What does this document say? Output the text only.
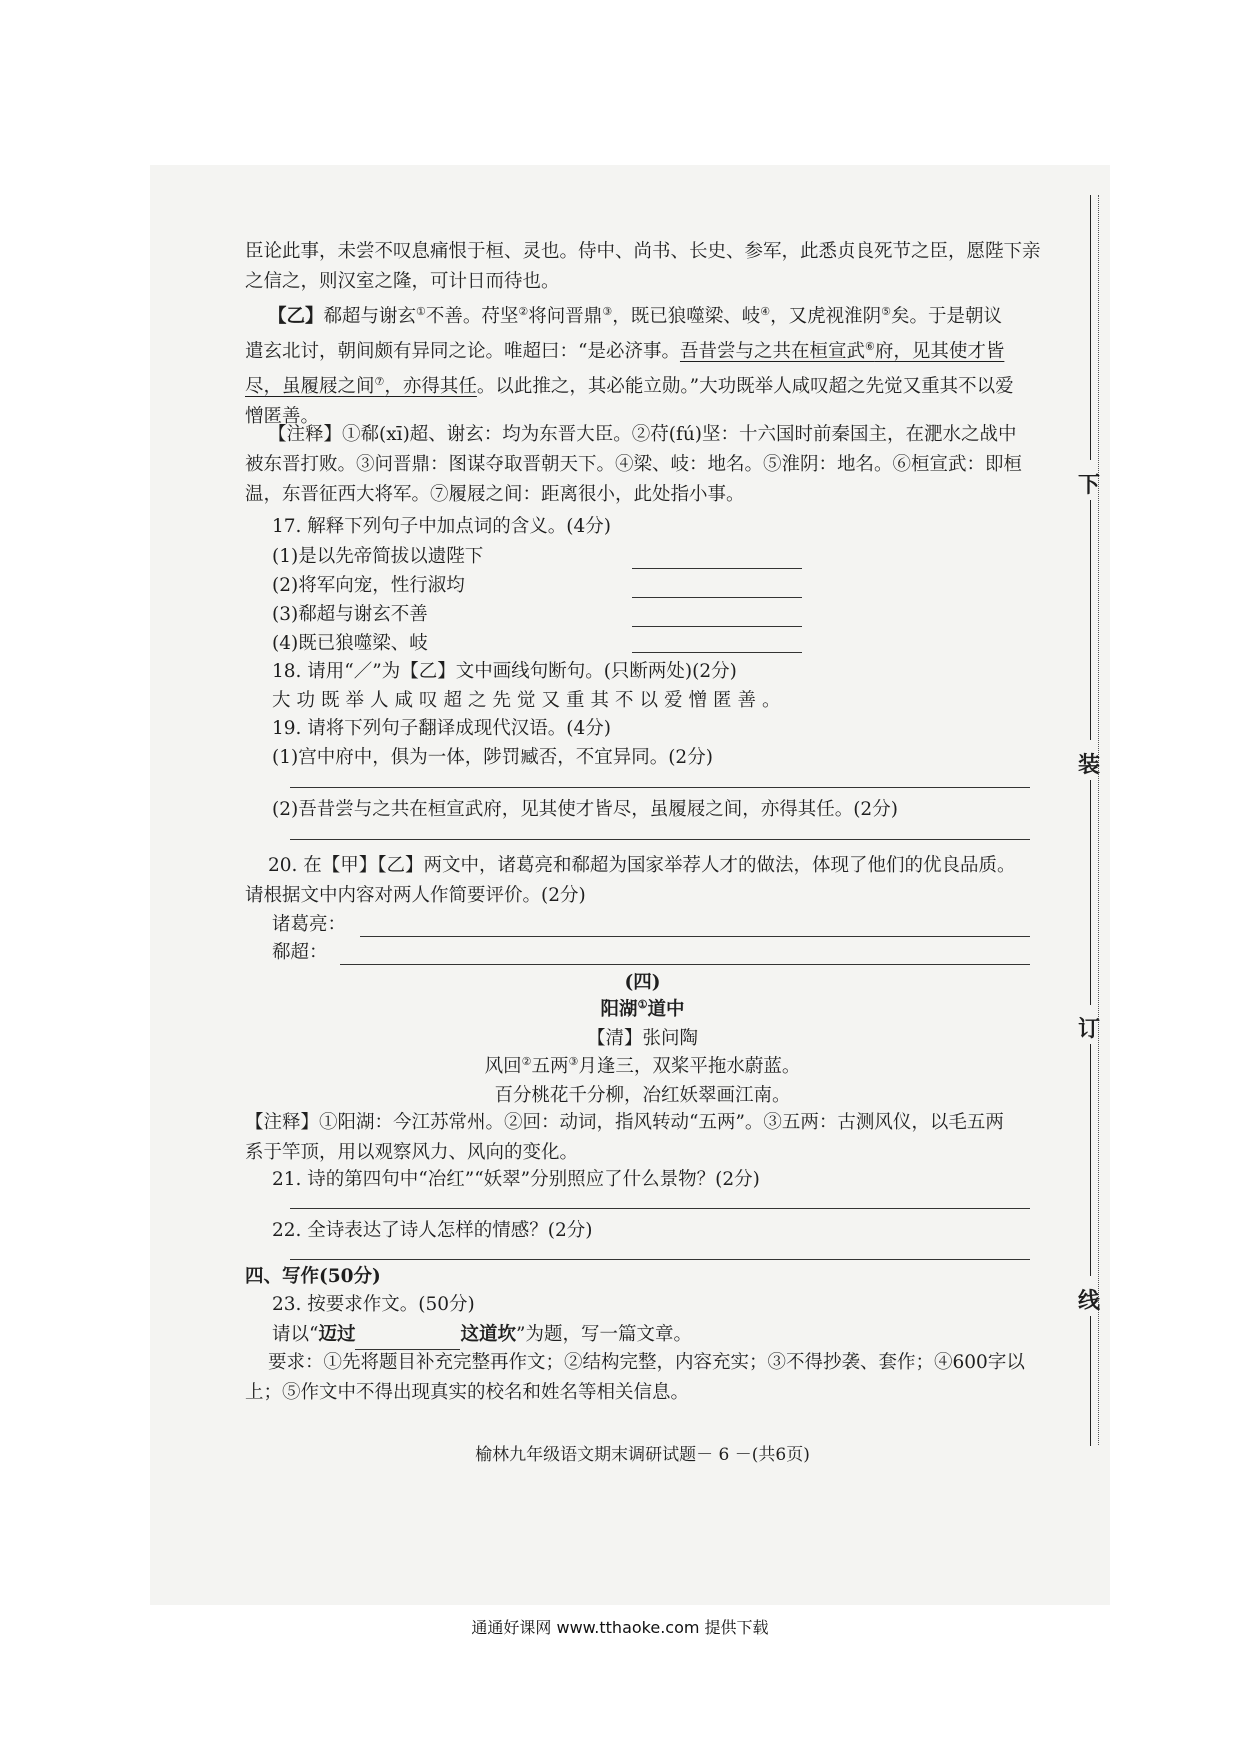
臣论此事，未尝不叹息痛恨于桓、灵也。侍中、尚书、长史、参军，此悉贞良死节之臣，愿陛下亲
之信之，则汉室之隆，可计日而待也。
【乙】郗超与谢玄①不善。苻坚②将问晋鼎③，既已狼噬梁、岐④，又虎视淮阴⑤矣。于是朝议
遣玄北讨，朝间颇有异同之论。唯超曰：“是必济事。吾昔尝与之共在桓宣武⑥府，见其使才皆
尽，虽履屐之间⑦，亦得其任。以此推之，其必能立勋。”大功既举人咸叹超之先觉又重其不以爱
憎匿善。
【注释】①郗(xī)超、谢玄：均为东晋大臣。②苻(fú)坚：十六国时前秦国主，在淝水之战中
被东晋打败。③问晋鼎：图谋夺取晋朝天下。④梁、岐：地名。⑤淮阴：地名。⑥桓宣武：即桓
温，东晋征西大将军。⑦履屐之间：距离很小，此处指小事。
17. 解释下列句子中加点词的含义。(4分)
(1)是以先帝简拔以遗陛下
(2)将军向宠，性行淑均
(3)郗超与谢玄不善
(4)既已狼噬梁、岐
18. 请用“／”为【乙】文中画线句断句。(只断两处)(2分)
大功既举人咸叹超之先觉又重其不以爱憎匿善。
19. 请将下列句子翻译成现代汉语。(4分)
(1)宫中府中，俱为一体，陟罚臧否，不宜异同。(2分)
(2)吾昔尝与之共在桓宣武府，见其使才皆尽，虽履屐之间，亦得其任。(2分)
20. 在【甲】【乙】两文中，诸葛亮和郗超为国家举荐人才的做法，体现了他们的优良品质。
请根据文中内容对两人作简要评价。(2分)
诸葛亮：
郗超：
(四)
阳湖①道中
【清】张问陶
风回②五两③月逢三，双桨平拖水蔚蓝。
百分桃花千分柳，冶红妖翠画江南。
【注释】①阳湖：今江苏常州。②回：动词，指风转动“五两”。③五两：古测风仪，以毛五两
系于竿顶，用以观察风力、风向的变化。
21. 诗的第四句中“冶红”“妖翠”分别照应了什么景物？(2分)
22. 全诗表达了诗人怎样的情感？(2分)
四、写作(50分)
23. 按要求作文。(50分)
请以“迈过	这道坎”为题，写一篇文章。
要求：①先将题目补充完整再作文；②结构完整，内容充实；③不得抄袭、套作；④600字以
上；⑤作文中不得出现真实的校名和姓名等相关信息。
榆林九年级语文期末调研试题－ 6 －(共6页)
下
装
订
线
通通好课网 www.tthaoke.com 提供下载
